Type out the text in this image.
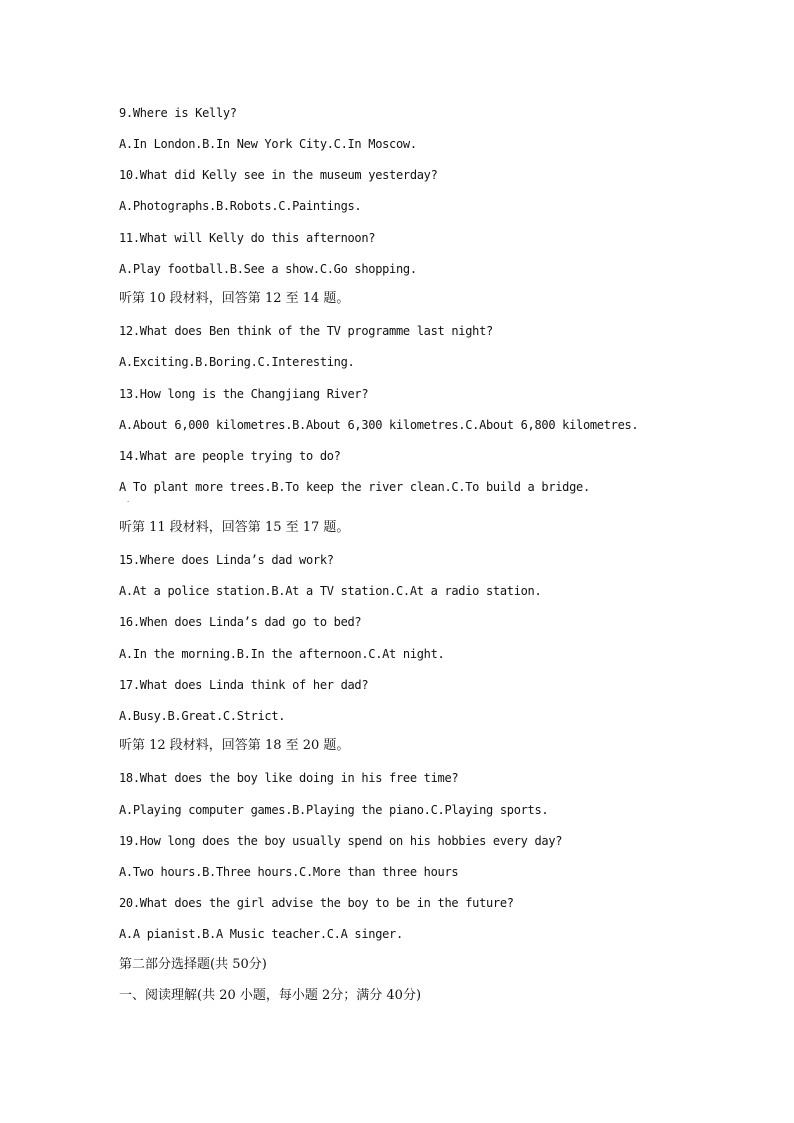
9.Where is Kelly?
A.In London.B.In New York City.C.In Moscow.
10.What did Kelly see in the museum yesterday?
A.Photographs.B.Robots.C.Paintings.
11.What will Kelly do this afternoon?
A.Play football.B.See a show.C.Go shopping.
听第 10 段材料，回答第 12 至 14 题。
12.What does Ben think of the TV programme last night?
A.Exciting.B.Boring.C.Interesting.
13.How long is the Changjiang River?
A.About 6,000 kilometres.B.About 6,300 kilometres.C.About 6,800 kilometres.
14.What are people trying to do?
A To plant more trees.B.To keep the river clean.C.To build a bridge.
·
听第 11 段材料，回答第 15 至 17 题。
15.Where does Linda’s dad work?
A.At a police station.B.At a TV station.C.At a radio station.
16.When does Linda’s dad go to bed?
A.In the morning.B.In the afternoon.C.At night.
17.What does Linda think of her dad?
A.Busy.B.Great.C.Strict.
听第 12 段材料，回答第 18 至 20 题。
18.What does the boy like doing in his free time?
A.Playing computer games.B.Playing the piano.C.Playing sports.
19.How long does the boy usually spend on his hobbies every day?
A.Two hours.B.Three hours.C.More than three hours
20.What does the girl advise the boy to be in the future?
A.A pianist.B.A Music teacher.C.A singer.
第二部分选择题(共 50分)
一、阅读理解(共 20 小题，每小题 2分；满分 40分)
